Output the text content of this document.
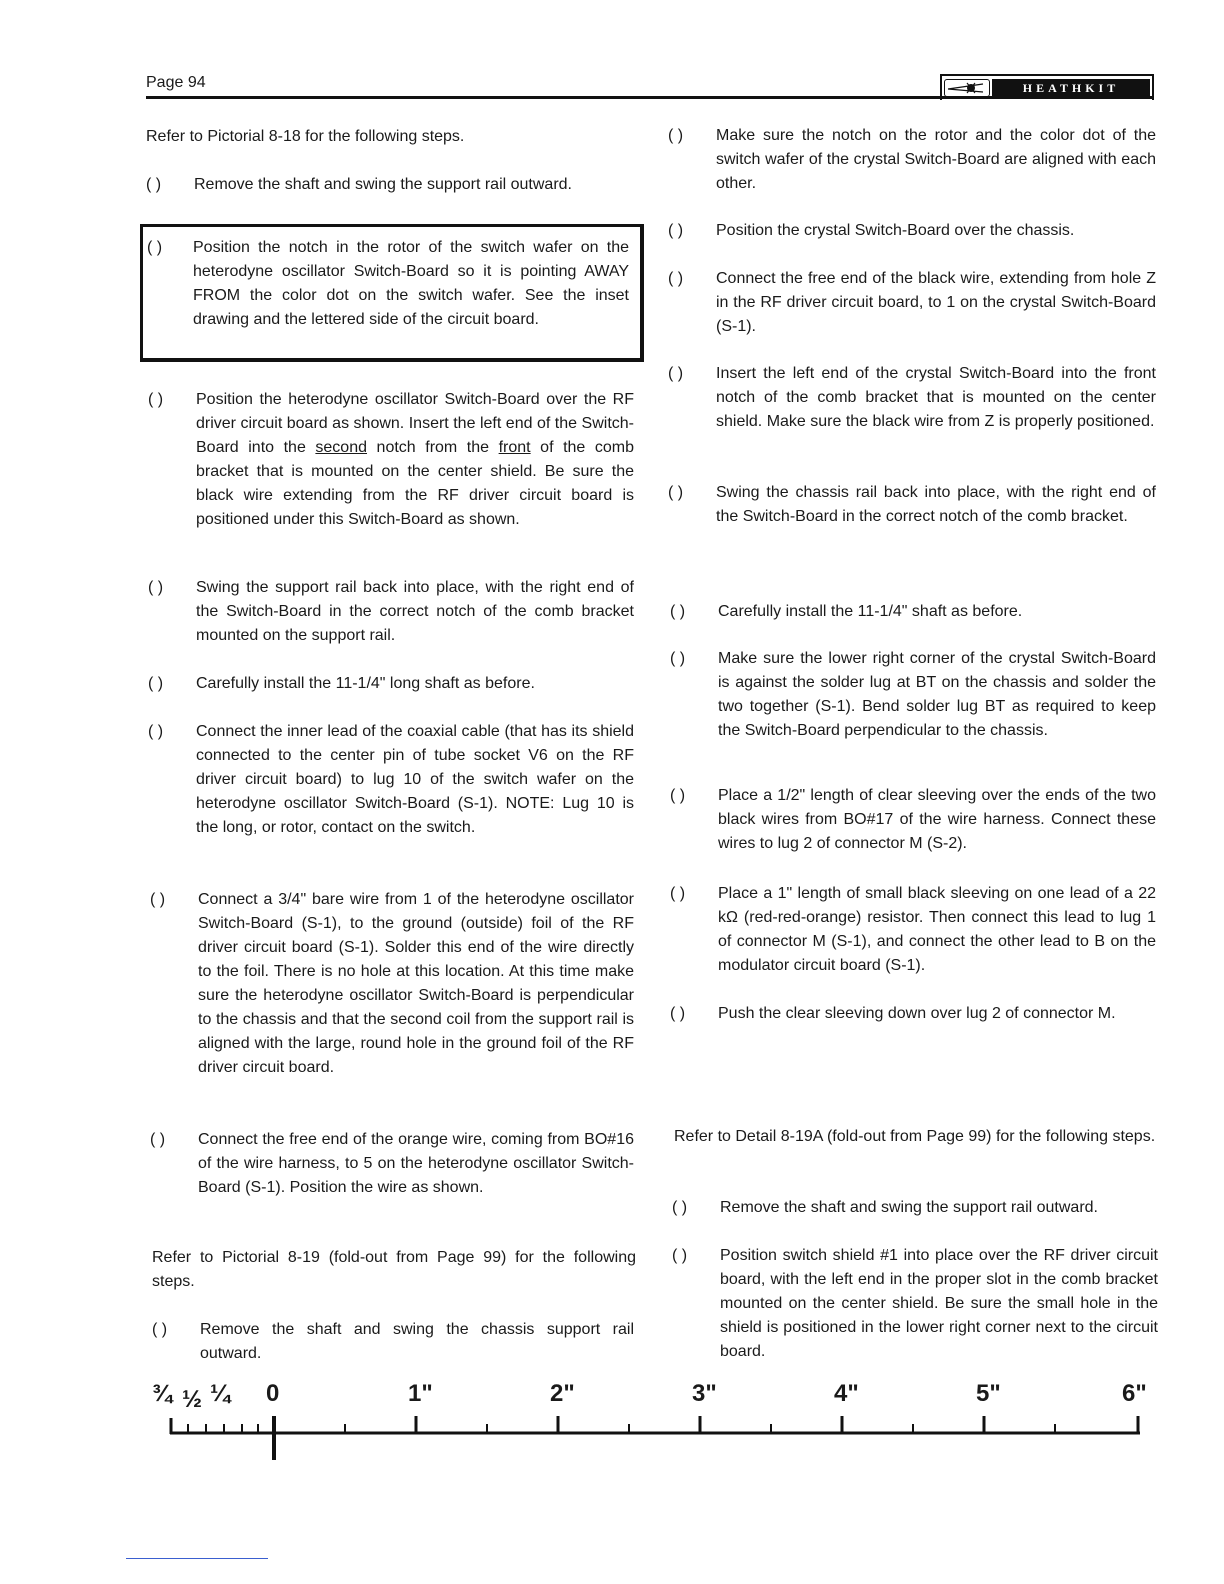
Page 94	HEATHKIT
Refer to Pictorial 8-18 for the following steps.
( )	Remove the shaft and swing the support rail outward.
( )	Position the notch in the rotor of the switch wafer on the heterodyne oscillator Switch-Board so it is pointing AWAY FROM the color dot on the switch wafer. See the inset drawing and the lettered side of the circuit board.
( )	Position the heterodyne oscillator Switch-Board over the RF driver circuit board as shown. Insert the left end of the Switch-Board into the second notch from the front of the comb bracket that is mounted on the center shield. Be sure the black wire extending from the RF driver circuit board is positioned under this Switch-Board as shown.
( )	Swing the support rail back into place, with the right end of the Switch-Board in the correct notch of the comb bracket mounted on the support rail.
( )	Carefully install the 11-1/4" long shaft as before.
( )	Connect the inner lead of the coaxial cable (that has its shield connected to the center pin of tube socket V6 on the RF driver circuit board) to lug 10 of the switch wafer on the heterodyne oscillator Switch-Board (S-1). NOTE: Lug 10 is the long, or rotor, contact on the switch.
( )	Connect a 3/4" bare wire from 1 of the heterodyne oscillator Switch-Board (S-1), to the ground (outside) foil of the RF driver circuit board (S-1). Solder this end of the wire directly to the foil. There is no hole at this location. At this time make sure the heterodyne oscillator Switch-Board is perpendicular to the chassis and that the second coil from the support rail is aligned with the large, round hole in the ground foil of the RF driver circuit board.
( )	Connect the free end of the orange wire, coming from BO#16 of the wire harness, to 5 on the heterodyne oscillator Switch-Board (S-1). Position the wire as shown.
Refer to Pictorial 8-19 (fold-out from Page 99) for the following steps.
( )	Remove the shaft and swing the chassis support rail outward.
( )	Make sure the notch on the rotor and the color dot of the switch wafer of the crystal Switch-Board are aligned with each other.
( )	Position the crystal Switch-Board over the chassis.
( )	Connect the free end of the black wire, extending from hole Z in the RF driver circuit board, to 1 on the crystal Switch-Board (S-1).
( )	Insert the left end of the crystal Switch-Board into the front notch of the comb bracket that is mounted on the center shield. Make sure the black wire from Z is properly positioned.
( )	Swing the chassis rail back into place, with the right end of the Switch-Board in the correct notch of the comb bracket.
( )	Carefully install the 11-1/4" shaft as before.
( )	Make sure the lower right corner of the crystal Switch-Board is against the solder lug at BT on the chassis and solder the two together (S-1). Bend solder lug BT as required to keep the Switch-Board perpendicular to the chassis.
( )	Place a 1/2" length of clear sleeving over the ends of the two black wires from BO#17 of the wire harness. Connect these wires to lug 2 of connector M (S-2).
( )	Place a 1" length of small black sleeving on one lead of a 22 kΩ (red-red-orange) resistor. Then connect this lead to lug 1 of connector M (S-1), and connect the other lead to B on the modulator circuit board (S-1).
( )	Push the clear sleeving down over lug 2 of connector M.
Refer to Detail 8-19A (fold-out from Page 99) for the following steps.
( )	Remove the shaft and swing the support rail outward.
( )	Position switch shield #1 into place over the RF driver circuit board, with the left end in the proper slot in the comb bracket mounted on the center shield. Be sure the small hole in the shield is positioned in the lower right corner next to the circuit board.
¾ ½ ¼ 0	1"	2"	3"	4"	5"	6"
